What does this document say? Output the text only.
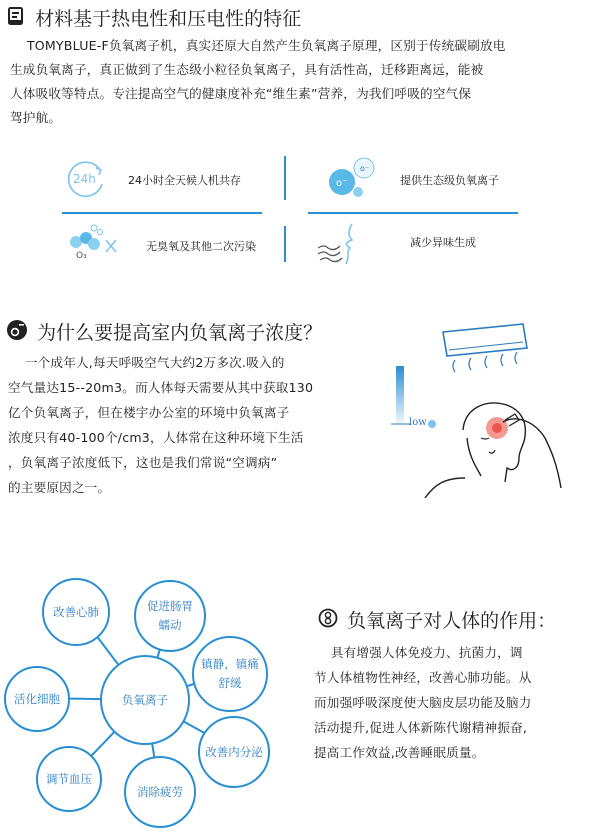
材料基于热电性和压电性的特征
TOMYBLUE-F负氧离子机，真实还原大自然产生负氧离子原理，区别于传统碳刷放电
生成负氧离子，真正做到了生态级小粒径负氧离子，具有活性高，迁移距离远，能被
人体吸收等特点。专注提高空气的健康度补充“维生素”营养，为我们呼吸的空气保
驾护航。
24h	24小时全天候人机共存
o⁻
o⁻	提供生态级负氧离子
O₃
无臭氧及其他二次污染	减少异味生成
为什么要提高室内负氧离子浓度？
一个成年人,每天呼吸空气大约2万多次.吸入的
空气量达15--20m3。而人体每天需要从其中获取130
亿个负氧离子，但在楼宇办公室的环境中负氧离子
浓度只有40-100个/cm3，人体常在这种环境下生活
，负氧离子浓度低下，这也是我们常说“空调病”
的主要原因之一。
low
负氧离子
改善心肺	促进肠胃
蠕动
镇静，镇痛
舒缓
改善内分泌
消除疲劳
调节血压
活化细胞
负氧离子对人体的作用：
具有增强人体免疫力、抗菌力，调
节人体植物性神经，改善心肺功能。从
而加强呼吸深度使大脑皮层功能及脑力
活动提升,促进人体新陈代谢精神振奋,
提高工作效益,改善睡眠质量。
